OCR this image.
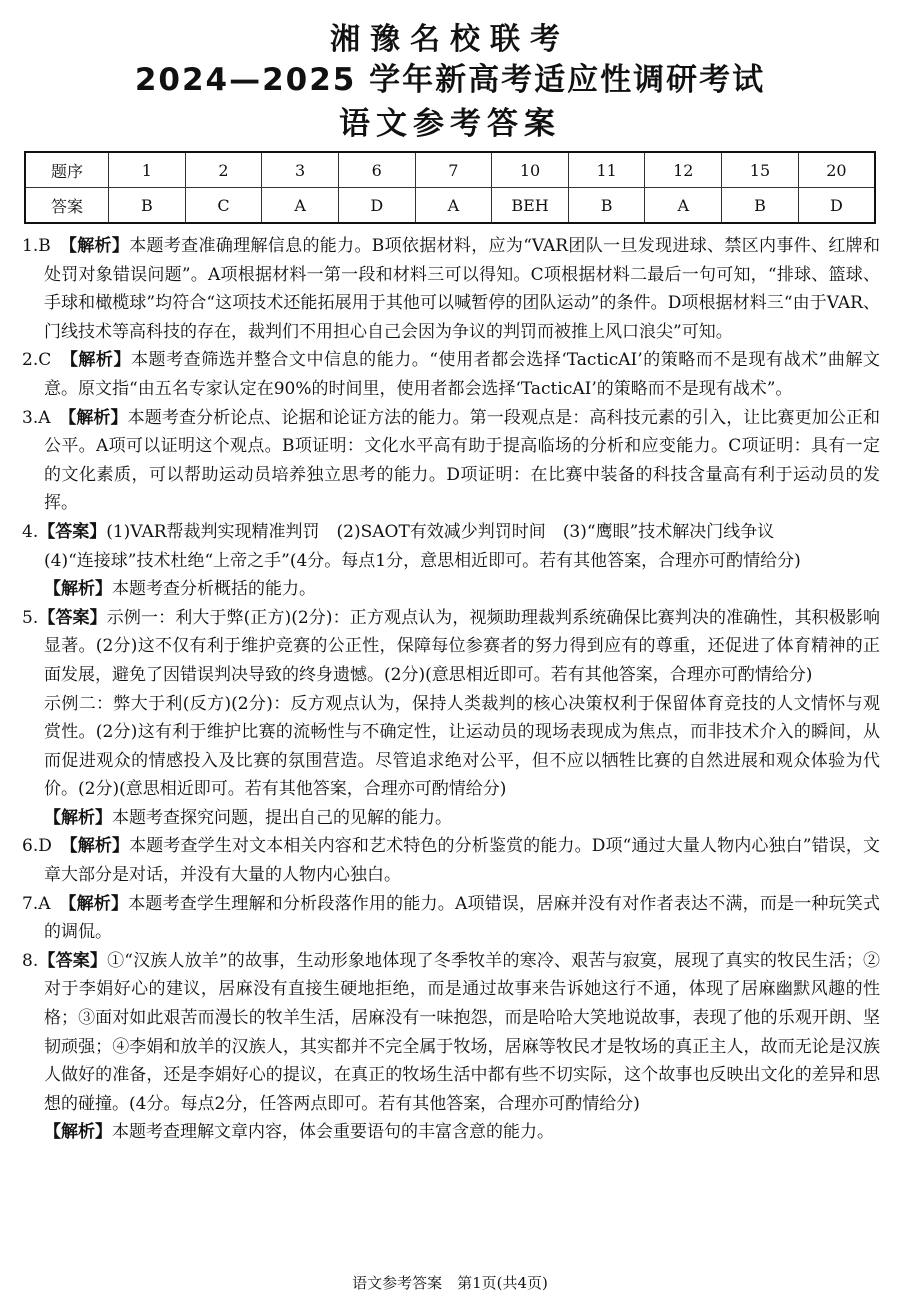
湘豫名校联考
2024—2025 学年新高考适应性调研考试
语文参考答案
题序	1	2	3	6	7	10	11	12	15	20
答案	B	C	A	D	A	BEH	B	A	B	D

1.B　 【解析】本题考查准确理解信息的能力。B项依据材料，应为“VAR团队一旦发现进球、禁区内事件、红牌和处罚对象错误问题”。A项根据材料一第一段和材料三可以得知。C项根据材料二最后一句可知，“排球、篮球、手球和橄榄球”均符合“这项技术还能拓展用于其他可以喊暂停的团队运动”的条件。D项根据材料三“由于VAR、门线技术等高科技的存在，裁判们不用担心自己会因为争议的判罚而被推上风口浪尖”可知。

2.C　 【解析】本题考查筛选并整合文中信息的能力。“使用者都会选择‘TacticAI’的策略而不是现有战术”曲解文意。原文指“由五名专家认定在90%的时间里，使用者都会选择‘TacticAI’的策略而不是现有战术”。

3.A　 【解析】本题考查分析论点、论据和论证方法的能力。第一段观点是：高科技元素的引入，让比赛更加公正和公平。A项可以证明这个观点。B项证明：文化水平高有助于提高临场的分析和应变能力。C项证明：具有一定的文化素质，可以帮助运动员培养独立思考的能力。D项证明：在比赛中装备的科技含量高有利于运动员的发挥。

4.【答案】(1)VAR帮裁判实现精准判罚　(2)SAOT有效减少判罚时间　(3)“鹰眼”技术解决门线争议

(4)“连接球”技术杜绝“上帝之手”(4分。每点1分，意思相近即可。若有其他答案，合理亦可酌情给分)

【解析】本题考查分析概括的能力。

5.【答案】示例一：利大于弊(正方)(2分)：正方观点认为，视频助理裁判系统确保比赛判决的准确性，其积极影响显著。(2分)这不仅有利于维护竞赛的公正性，保障每位参赛者的努力得到应有的尊重，还促进了体育精神的正面发展，避免了因错误判决导致的终身遗憾。(2分)(意思相近即可。若有其他答案，合理亦可酌情给分)

示例二：弊大于利(反方)(2分)：反方观点认为，保持人类裁判的核心决策权利于保留体育竞技的人文情怀与观赏性。(2分)这有利于维护比赛的流畅性与不确定性，让运动员的现场表现成为焦点，而非技术介入的瞬间，从而促进观众的情感投入及比赛的氛围营造。尽管追求绝对公平，但不应以牺牲比赛的自然进展和观众体验为代价。(2分)(意思相近即可。若有其他答案，合理亦可酌情给分)

【解析】本题考查探究问题，提出自己的见解的能力。

6.D　 【解析】本题考查学生对文本相关内容和艺术特色的分析鉴赏的能力。D项“通过大量人物内心独白”错误，文章大部分是对话，并没有大量的人物内心独白。

7.A　 【解析】本题考查学生理解和分析段落作用的能力。A项错误，居麻并没有对作者表达不满，而是一种玩笑式的调侃。

8.【答案】①“汉族人放羊”的故事，生动形象地体现了冬季牧羊的寒冷、艰苦与寂寞，展现了真实的牧民生活；②对于李娟好心的建议，居麻没有直接生硬地拒绝，而是通过故事来告诉她这行不通，体现了居麻幽默风趣的性格；③面对如此艰苦而漫长的牧羊生活，居麻没有一味抱怨，而是哈哈大笑地说故事，表现了他的乐观开朗、坚韧顽强；④李娟和放羊的汉族人，其实都并不完全属于牧场，居麻等牧民才是牧场的真正主人，故而无论是汉族人做好的准备，还是李娟好心的提议，在真正的牧场生活中都有些不切实际，这个故事也反映出文化的差异和思想的碰撞。(4分。每点2分，任答两点即可。若有其他答案，合理亦可酌情给分)

【解析】本题考查理解文章内容，体会重要语句的丰富含意的能力。

语文参考答案　第1页(共4页)
